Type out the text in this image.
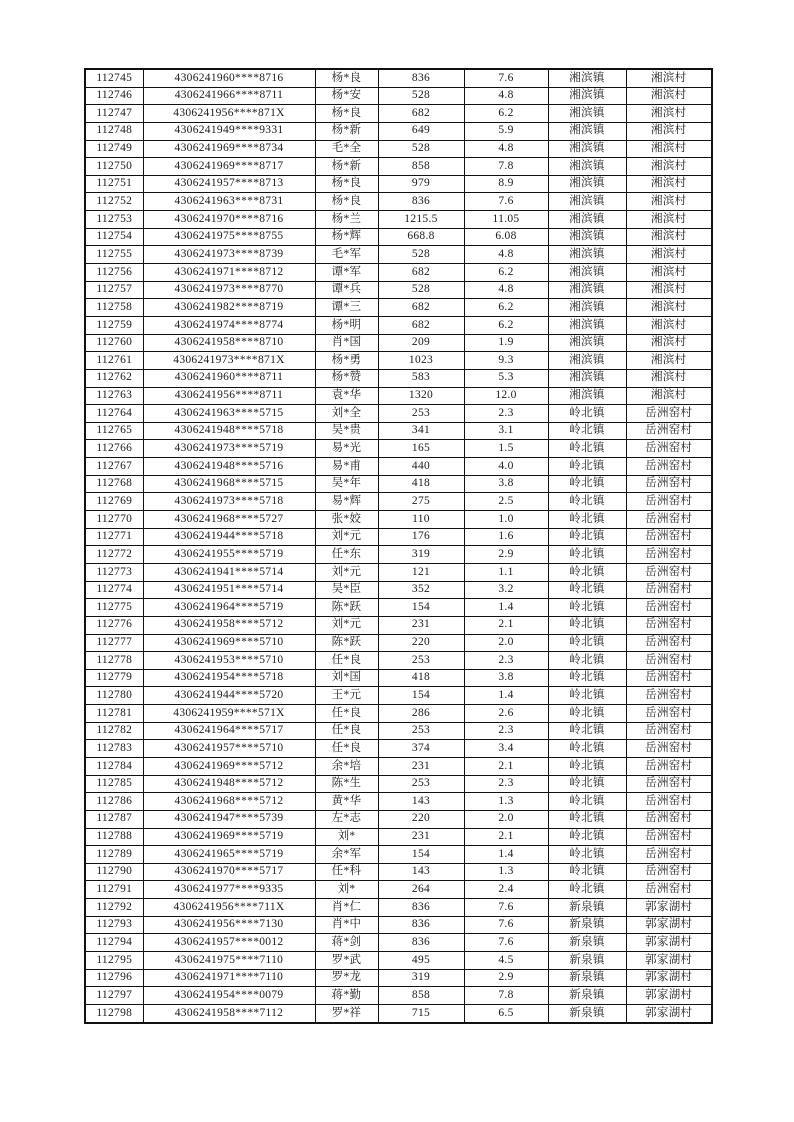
112745	4306241960****8716	杨*良	836	7.6	湘滨镇	湘滨村
112746	4306241966****8711	杨*安	528	4.8	湘滨镇	湘滨村
112747	4306241956****871X	杨*良	682	6.2	湘滨镇	湘滨村
112748	4306241949****9331	杨*新	649	5.9	湘滨镇	湘滨村
112749	4306241969****8734	毛*全	528	4.8	湘滨镇	湘滨村
112750	4306241969****8717	杨*新	858	7.8	湘滨镇	湘滨村
112751	4306241957****8713	杨*良	979	8.9	湘滨镇	湘滨村
112752	4306241963****8731	杨*良	836	7.6	湘滨镇	湘滨村
112753	4306241970****8716	杨*兰	1215.5	11.05	湘滨镇	湘滨村
112754	4306241975****8755	杨*辉	668.8	6.08	湘滨镇	湘滨村
112755	4306241973****8739	毛*军	528	4.8	湘滨镇	湘滨村
112756	4306241971****8712	谭*军	682	6.2	湘滨镇	湘滨村
112757	4306241973****8770	谭*兵	528	4.8	湘滨镇	湘滨村
112758	4306241982****8719	谭*三	682	6.2	湘滨镇	湘滨村
112759	4306241974****8774	杨*明	682	6.2	湘滨镇	湘滨村
112760	4306241958****8710	肖*国	209	1.9	湘滨镇	湘滨村
112761	4306241973****871X	杨*勇	1023	9.3	湘滨镇	湘滨村
112762	4306241960****8711	杨*赞	583	5.3	湘滨镇	湘滨村
112763	4306241956****8711	袁*华	1320	12.0	湘滨镇	湘滨村
112764	4306241963****5715	刘*全	253	2.3	岭北镇	岳洲窑村
112765	4306241948****5718	吴*贵	341	3.1	岭北镇	岳洲窑村
112766	4306241973****5719	易*光	165	1.5	岭北镇	岳洲窑村
112767	4306241948****5716	易*甫	440	4.0	岭北镇	岳洲窑村
112768	4306241968****5715	吴*年	418	3.8	岭北镇	岳洲窑村
112769	4306241973****5718	易*辉	275	2.5	岭北镇	岳洲窑村
112770	4306241968****5727	张*姣	110	1.0	岭北镇	岳洲窑村
112771	4306241944****5718	刘*元	176	1.6	岭北镇	岳洲窑村
112772	4306241955****5719	任*东	319	2.9	岭北镇	岳洲窑村
112773	4306241941****5714	刘*元	121	1.1	岭北镇	岳洲窑村
112774	4306241951****5714	吴*臣	352	3.2	岭北镇	岳洲窑村
112775	4306241964****5719	陈*跃	154	1.4	岭北镇	岳洲窑村
112776	4306241958****5712	刘*元	231	2.1	岭北镇	岳洲窑村
112777	4306241969****5710	陈*跃	220	2.0	岭北镇	岳洲窑村
112778	4306241953****5710	任*良	253	2.3	岭北镇	岳洲窑村
112779	4306241954****5718	刘*国	418	3.8	岭北镇	岳洲窑村
112780	4306241944****5720	王*元	154	1.4	岭北镇	岳洲窑村
112781	4306241959****571X	任*良	286	2.6	岭北镇	岳洲窑村
112782	4306241964****5717	任*良	253	2.3	岭北镇	岳洲窑村
112783	4306241957****5710	任*良	374	3.4	岭北镇	岳洲窑村
112784	4306241969****5712	余*培	231	2.1	岭北镇	岳洲窑村
112785	4306241948****5712	陈*生	253	2.3	岭北镇	岳洲窑村
112786	4306241968****5712	黄*华	143	1.3	岭北镇	岳洲窑村
112787	4306241947****5739	左*志	220	2.0	岭北镇	岳洲窑村
112788	4306241969****5719	刘*	231	2.1	岭北镇	岳洲窑村
112789	4306241965****5719	余*军	154	1.4	岭北镇	岳洲窑村
112790	4306241970****5717	任*科	143	1.3	岭北镇	岳洲窑村
112791	4306241977****9335	刘*	264	2.4	岭北镇	岳洲窑村
112792	4306241956****711X	肖*仁	836	7.6	新泉镇	郭家湖村
112793	4306241956****7130	肖*中	836	7.6	新泉镇	郭家湖村
112794	4306241957****0012	蒋*剑	836	7.6	新泉镇	郭家湖村
112795	4306241975****7110	罗*武	495	4.5	新泉镇	郭家湖村
112796	4306241971****7110	罗*龙	319	2.9	新泉镇	郭家湖村
112797	4306241954****0079	蒋*勤	858	7.8	新泉镇	郭家湖村
112798	4306241958****7112	罗*祥	715	6.5	新泉镇	郭家湖村
